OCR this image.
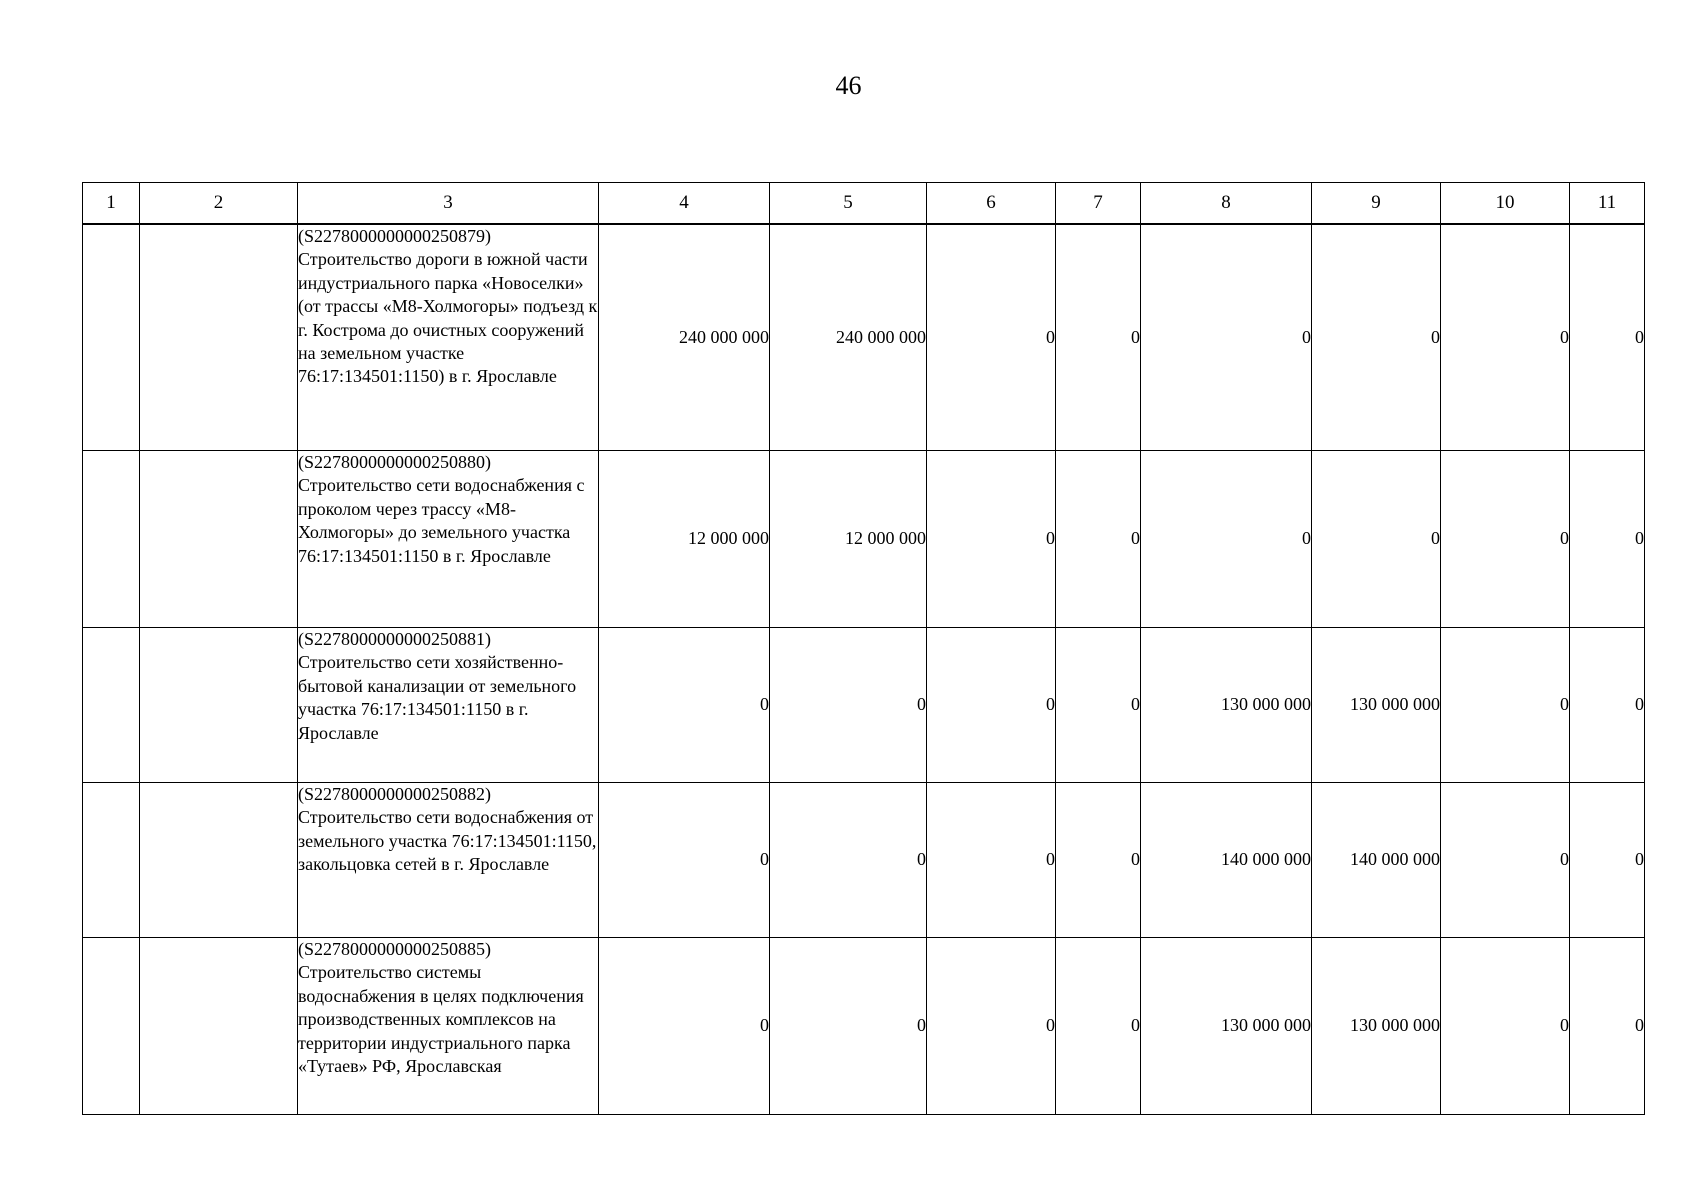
46
1	2	3	4	5	6	7	8	9	10	11

		(S2278000000000250879)
Строительство дороги в южной части индустриального парка «Новоселки» (от трассы «М8-Холмогоры» подъезд к г. Кострома до очистных сооружений на земельном участке 76:17:134501:1150) в г. Ярославле	240 000 000	240 000 000	0	0	0	0	0	0

		(S2278000000000250880)
Строительство сети водоснабжения с проколом через трассу «М8-Холмогоры» до земельного участка 76:17:134501:1150 в г. Ярославле	12 000 000	12 000 000	0	0	0	0	0	0

		(S2278000000000250881)
Строительство сети хозяйственно-бытовой канализации от земельного участка 76:17:134501:1150 в г. Ярославле	0	0	0	0	130 000 000	130 000 000	0	0

		(S2278000000000250882)
Строительство сети водоснабжения от земельного участка 76:17:134501:1150, закольцовка сетей в г. Ярославле	0	0	0	0	140 000 000	140 000 000	0	0

		(S2278000000000250885)
Строительство системы водоснабжения в целях подключения производственных комплексов на территории индустриального парка «Тутаев» РФ, Ярославская	0	0	0	0	130 000 000	130 000 000	0	0
